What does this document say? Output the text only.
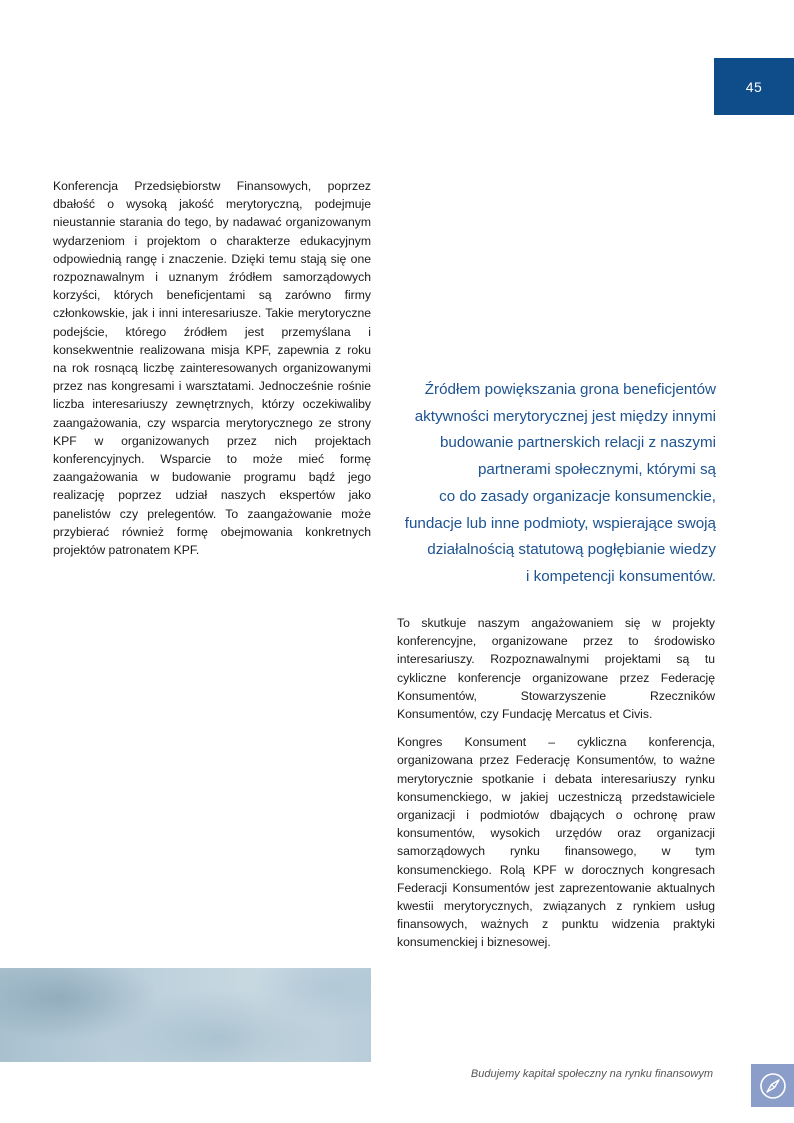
45

Konferencja Przedsiębiorstw Finansowych, poprzez dbałość o wysoką jakość merytoryczną, podejmuje nieustannie starania do tego, by nadawać organizowanym wydarzeniom i projektom o charakterze edukacyjnym odpowiednią rangę i znaczenie. Dzięki temu stają się one rozpoznawalnym i uznanym źródłem samorządowych korzyści, których beneficjentami są zarówno firmy członkowskie, jak i inni interesariusze. Takie merytoryczne podejście, którego źródłem jest przemyślana i konsekwentnie realizowana misja KPF, zapewnia z roku na rok rosnącą liczbę zainteresowanych organizowanymi przez nas kongresami i warsztatami. Jednocześnie rośnie liczba interesariuszy zewnętrznych, którzy oczekiwaliby zaangażowania, czy wsparcia merytorycznego ze strony KPF w organizowanych przez nich projektach konferencyjnych. Wsparcie to może mieć formę zaangażowania w budowanie programu bądź jego realizację poprzez udział naszych ekspertów jako panelistów czy prelegentów. To zaangażowanie może przybierać również formę obejmowania konkretnych projektów patronatem KPF.

Źródłem powiększania grona beneficjentów
aktywności merytorycznej jest między innymi
budowanie partnerskich relacji z naszymi
partnerami społecznymi, którymi są
co do zasady organizacje konsumenckie,
fundacje lub inne podmioty, wspierające swoją
działalnością statutową pogłębianie wiedzy
i kompetencji konsumentów.

To skutkuje naszym angażowaniem się w projekty konferencyjne, organizowane przez to środowisko interesariuszy. Rozpoznawalnymi projektami są tu cykliczne konferencje organizowane przez Federację Konsumentów, Stowarzyszenie Rzeczników Konsumentów, czy Fundację Mercatus et Civis.

Kongres Konsument – cykliczna konferencja, organizowana przez Federację Konsumentów, to ważne merytorycznie spotkanie i debata interesariuszy rynku konsumenckiego, w jakiej uczestniczą przedstawiciele organizacji i podmiotów dbających o ochronę praw konsumentów, wysokich urzędów oraz organizacji samorządowych rynku finansowego, w tym konsumenckiego. Rolą KPF w dorocznych kongresach Federacji Konsumentów jest zaprezentowanie aktualnych kwestii merytorycznych, związanych z rynkiem usług finansowych, ważnych z punktu widzenia praktyki konsumenckiej i biznesowej.

Budujemy kapitał społeczny na rynku finansowym
